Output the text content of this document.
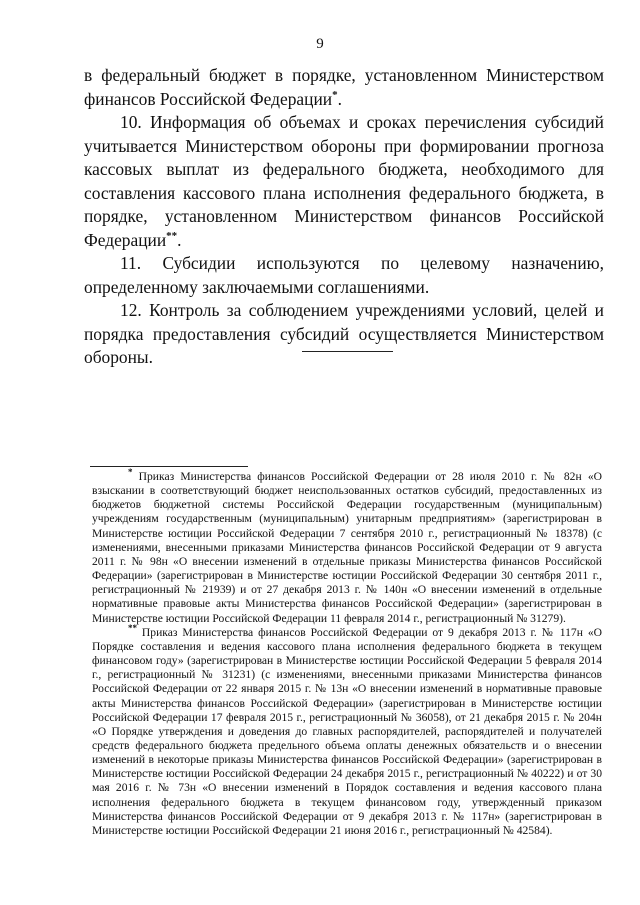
9

в федеральный бюджет в порядке, установленном Министерством финансов Российской Федерации*.

10. Информация об объемах и сроках перечисления субсидий учитывается Министерством обороны при формировании прогноза кассовых выплат из федерального бюджета, необходимого для составления кассового плана исполнения федерального бюджета, в порядке, установленном Министерством финансов Российской Федерации**.

11. Субсидии используются по целевому назначению, определенному заключаемыми соглашениями.

12. Контроль за соблюдением учреждениями условий, целей и порядка предоставления субсидий осуществляется Министерством обороны.

* Приказ Министерства финансов Российской Федерации от 28 июля 2010 г. № 82н «О взыскании в соответствующий бюджет неиспользованных остатков субсидий, предоставленных из бюджетов бюджетной системы Российской Федерации государственным (муниципальным) учреждениям государственным (муниципальным) унитарным предприятиям» (зарегистрирован в Министерстве юстиции Российской Федерации 7 сентября 2010 г., регистрационный № 18378) (с изменениями, внесенными приказами Министерства финансов Российской Федерации от 9 августа 2011 г. № 98н «О внесении изменений в отдельные приказы Министерства финансов Российской Федерации» (зарегистрирован в Министерстве юстиции Российской Федерации 30 сентября 2011 г., регистрационный № 21939) и от 27 декабря 2013 г. № 140н «О внесении изменений в отдельные нормативные правовые акты Министерства финансов Российской Федерации» (зарегистрирован в Министерстве юстиции Российской Федерации 11 февраля 2014 г., регистрационный № 31279).

** Приказ Министерства финансов Российской Федерации от 9 декабря 2013 г. № 117н «О Порядке составления и ведения кассового плана исполнения федерального бюджета в текущем финансовом году» (зарегистрирован в Министерстве юстиции Российской Федерации 5 февраля 2014 г., регистрационный № 31231) (с изменениями, внесенными приказами Министерства финансов Российской Федерации от 22 января 2015 г. № 13н «О внесении изменений в нормативные правовые акты Министерства финансов Российской Федерации» (зарегистрирован в Министерстве юстиции Российской Федерации 17 февраля 2015 г., регистрационный № 36058), от 21 декабря 2015 г. № 204н «О Порядке утверждения и доведения до главных распорядителей, распорядителей и получателей средств федерального бюджета предельного объема оплаты денежных обязательств и о внесении изменений в некоторые приказы Министерства финансов Российской Федерации» (зарегистрирован в Министерстве юстиции Российской Федерации 24 декабря 2015 г., регистрационный № 40222) и от 30 мая 2016 г. № 73н «О внесении изменений в Порядок составления и ведения кассового плана исполнения федерального бюджета в текущем финансовом году, утвержденный приказом Министерства финансов Российской Федерации от 9 декабря 2013 г. № 117н» (зарегистрирован в Министерстве юстиции Российской Федерации 21 июня 2016 г., регистрационный № 42584).
